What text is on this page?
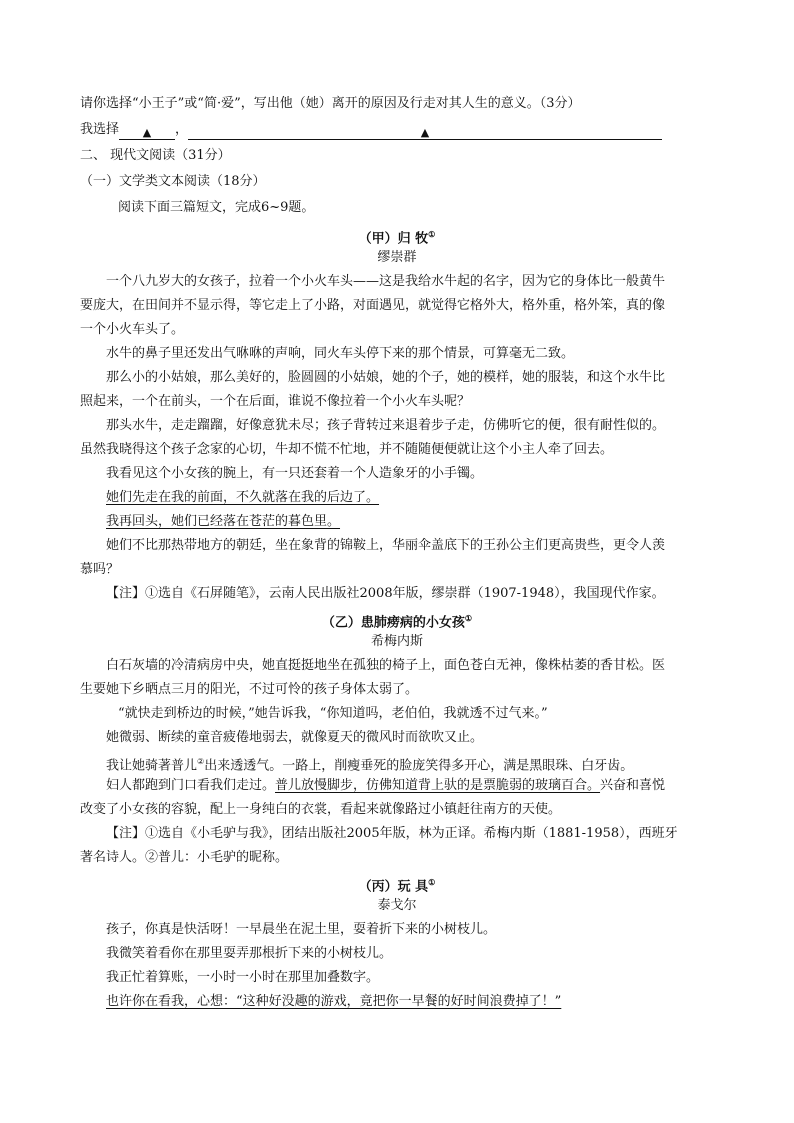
请你选择“小王子”或“简·爱”，写出他（她）离开的原因及行走对其人生的意义。（3分）
我选择 ▲ ，	▲
二、 现代文阅读（31分）
（一）文学类文本阅读（18分）
阅读下面三篇短文，完成6~9题。
（甲）归 牧①
缪崇群
一个八九岁大的女孩子，拉着一个小火车头——这是我给水牛起的名字，因为它的身体比一般黄牛
要庞大，在田间并不显示得，等它走上了小路，对面遇见，就觉得它格外大，格外重，格外笨，真的像
一个小火车头了。
水牛的鼻子里还发出气咻咻的声响，同火车头停下来的那个情景，可算毫无二致。
那么小的小姑娘，那么美好的，脸圆圆的小姑娘，她的个子，她的模样，她的服装，和这个水牛比
照起来，一个在前头，一个在后面，谁说不像拉着一个小火车头呢？
那头水牛，走走蹓蹓，好像意犹未尽；孩子背转过来退着步子走，仿佛听它的便，很有耐性似的。
虽然我晓得这个孩子念家的心切，牛却不慌不忙地，并不随随便便就让这个小主人牵了回去。
我看见这个小女孩的腕上，有一只还套着一个人造象牙的小手镯。
她们先走在我的前面，不久就落在我的后边了。
我再回头，她们已经落在苍茫的暮色里。
她们不比那热带地方的朝廷，坐在象背的锦鞍上，华丽伞盖底下的王孙公主们更高贵些，更令人羡
慕吗？
【注】①选自《石屏随笔》，云南人民出版社2008年版，缪崇群（1907-1948），我国现代作家。
（乙）患肺痨病的小女孩①
希梅内斯
白石灰墙的冷清病房中央，她直挺挺地坐在孤独的椅子上，面色苍白无神，像株枯萎的香甘松。医
生要她下乡晒点三月的阳光，不过可怜的孩子身体太弱了。
“就快走到桥边的时候，”她告诉我，“你知道吗，老伯伯，我就透不过气来。”
她微弱、断续的童音疲倦地弱去，就像夏天的微风时而欲吹又止。
我让她骑著普儿②出来透透气。一路上，削瘦垂死的脸庞笑得多开心，满是黑眼珠、白牙齿。
妇人都跑到门口看我们走过。普儿放慢脚步，仿佛知道背上驮的是票脆弱的玻璃百合。兴奋和喜悦
改变了小女孩的容貌，配上一身纯白的衣裳，看起来就像路过小镇赶往南方的天使。
【注】①选自《小毛驴与我》，团结出版社2005年版，林为正译。希梅内斯（1881-1958），西班牙
著名诗人。②普儿：小毛驴的昵称。
（丙）玩 具①
泰戈尔
孩子，你真是快活呀！一早晨坐在泥土里，耍着折下来的小树枝儿。
我微笑着看你在那里耍弄那根折下来的小树枝儿。
我正忙着算账，一小时一小时在那里加叠数字。
也许你在看我，心想：“这种好没趣的游戏，竟把你一早餐的好时间浪费掉了！”
